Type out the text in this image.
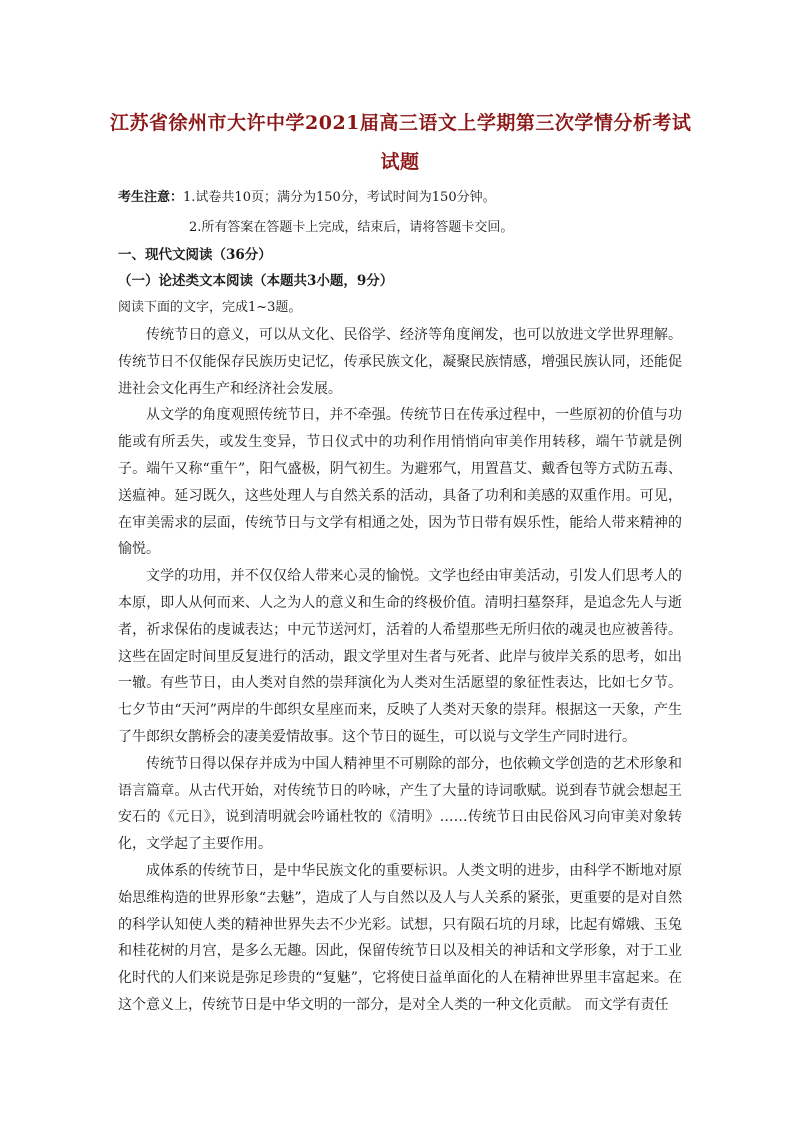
江苏省徐州市大许中学2021届高三语文上学期第三次学情分析考试
试题
考生注意：1.试卷共10页；满分为150分，考试时间为150分钟。
2.所有答案在答题卡上完成，结束后，请将答题卡交回。
一、现代文阅读（36分）
（一）论述类文本阅读（本题共3小题，9分）
阅读下面的文字，完成1~3题。

传统节日的意义，可以从文化、民俗学、经济等角度阐发，也可以放进文学世界理解。传统节日不仅能保存民族历史记忆，传承民族文化，凝聚民族情感，增强民族认同，还能促进社会文化再生产和经济社会发展。

从文学的角度观照传统节日，并不牵强。传统节日在传承过程中，一些原初的价值与功能或有所丢失，或发生变异，节日仪式中的功利作用悄悄向审美作用转移，端午节就是例子。端午又称“重午”，阳气盛极，阴气初生。为避邪气，用置菖艾、戴香包等方式防五毒、送瘟神。延习既久，这些处理人与自然关系的活动，具备了功利和美感的双重作用。可见，在审美需求的层面，传统节日与文学有相通之处，因为节日带有娱乐性，能给人带来精神的愉悦。

文学的功用，并不仅仅给人带来心灵的愉悦。文学也经由审美活动，引发人们思考人的本原，即人从何而来、人之为人的意义和生命的终极价值。清明扫墓祭拜，是追念先人与逝者，祈求保佑的虔诚表达；中元节送河灯，活着的人希望那些无所归依的魂灵也应被善待。这些在固定时间里反复进行的活动，跟文学里对生者与死者、此岸与彼岸关系的思考，如出一辙。有些节日，由人类对自然的崇拜演化为人类对生活愿望的象征性表达，比如七夕节。七夕节由“天河”两岸的牛郎织女星座而来，反映了人类对天象的崇拜。根据这一天象，产生了牛郎织女鹊桥会的凄美爱情故事。这个节日的诞生，可以说与文学生产同时进行。

传统节日得以保存并成为中国人精神里不可剔除的部分，也依赖文学创造的艺术形象和语言篇章。从古代开始，对传统节日的吟咏，产生了大量的诗词歌赋。说到春节就会想起王安石的《元日》，说到清明就会吟诵杜牧的《清明》……传统节日由民俗风习向审美对象转化，文学起了主要作用。

成体系的传统节日，是中华民族文化的重要标识。人类文明的进步，由科学不断地对原始思维构造的世界形象“去魅”，造成了人与自然以及人与人关系的紧张，更重要的是对自然的科学认知使人类的精神世界失去不少光彩。试想，只有陨石坑的月球，比起有嫦娥、玉兔和桂花树的月宫，是多么无趣。因此，保留传统节日以及相关的神话和文学形象，对于工业化时代的人们来说是弥足珍贵的“复魅”，它将使日益单面化的人在精神世界里丰富起来。在这个意义上，传统节日是中华文明的一部分，是对全人类的一种文化贡献。 而文学有责任
